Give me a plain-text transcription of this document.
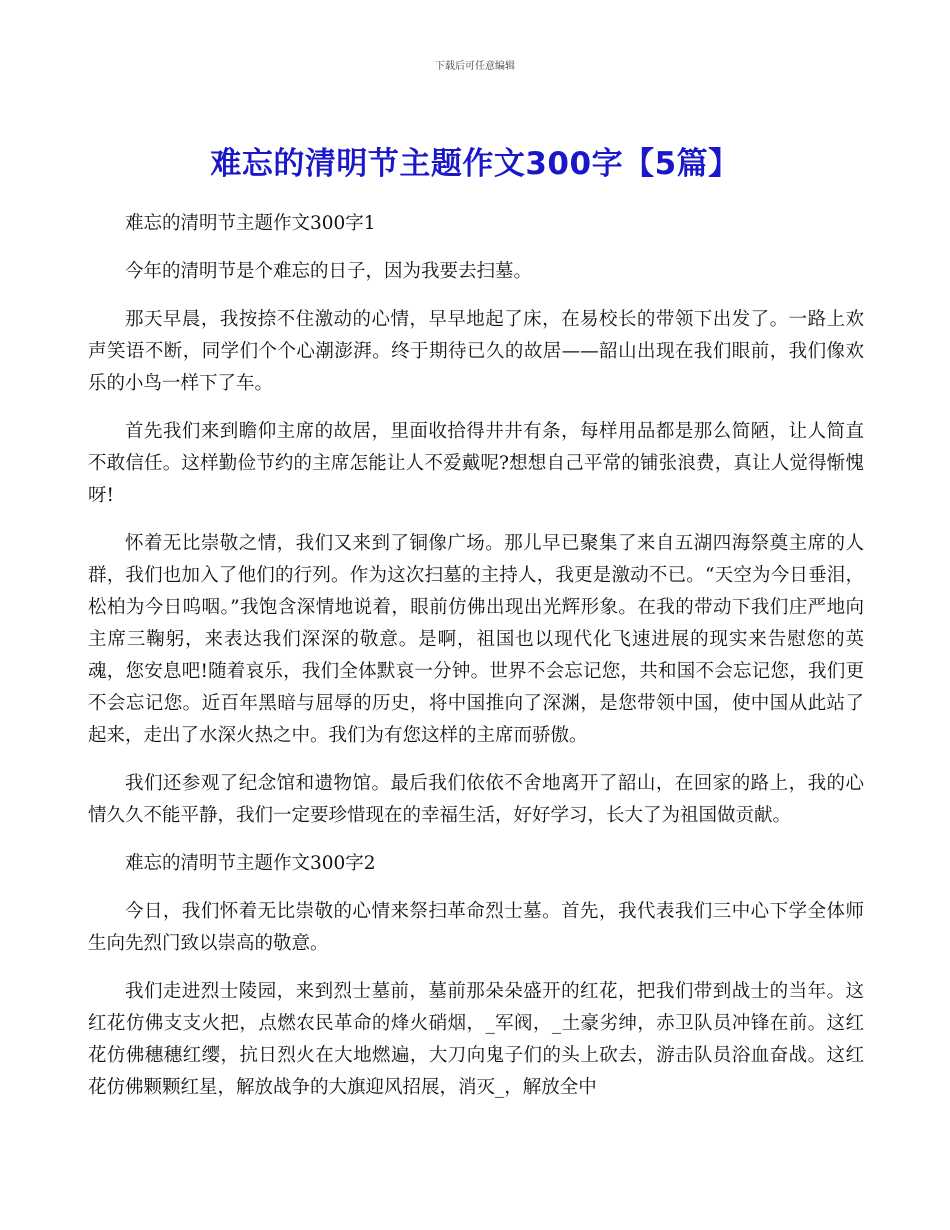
下载后可任意编辑
难忘的清明节主题作文300字【5篇】

难忘的清明节主题作文300字1

今年的清明节是个难忘的日子，因为我要去扫墓。

那天早晨，我按捺不住激动的心情，早早地起了床，在易校长的带领下出发了。一路上欢声笑语不断，同学们个个心潮澎湃。终于期待已久的故居——韶山出现在我们眼前，我们像欢乐的小鸟一样下了车。

首先我们来到瞻仰主席的故居，里面收拾得井井有条，每样用品都是那么简陋，让人简直不敢信任。这样勤俭节约的主席怎能让人不爱戴呢?想想自己平常的铺张浪费，真让人觉得惭愧呀!

怀着无比崇敬之情，我们又来到了铜像广场。那儿早已聚集了来自五湖四海祭奠主席的人群，我们也加入了他们的行列。作为这次扫墓的主持人，我更是激动不已。“天空为今日垂泪，松柏为今日呜咽。”我饱含深情地说着，眼前仿佛出现出光辉形象。在我的带动下我们庄严地向主席三鞠躬，来表达我们深深的敬意。是啊，祖国也以现代化飞速进展的现实来告慰您的英魂，您安息吧!随着哀乐，我们全体默哀一分钟。世界不会忘记您，共和国不会忘记您，我们更不会忘记您。近百年黑暗与屈辱的历史，将中国推向了深渊，是您带领中国，使中国从此站了起来，走出了水深火热之中。我们为有您这样的主席而骄傲。

我们还参观了纪念馆和遗物馆。最后我们依依不舍地离开了韶山，在回家的路上，我的心情久久不能平静，我们一定要珍惜现在的幸福生活，好好学习，长大了为祖国做贡献。

难忘的清明节主题作文300字2

今日，我们怀着无比崇敬的心情来祭扫革命烈士墓。首先，我代表我们三中心下学全体师生向先烈门致以崇高的敬意。

我们走进烈士陵园，来到烈士墓前，墓前那朵朵盛开的红花，把我们带到战士的当年。这红花仿佛支支火把，点燃农民革命的烽火硝烟，_军阀，_土豪劣绅，赤卫队员冲锋在前。这红花仿佛穗穗红缨，抗日烈火在大地燃遍，大刀向鬼子们的头上砍去，游击队员浴血奋战。这红花仿佛颗颗红星，解放战争的大旗迎风招展，消灭_，解放全中
